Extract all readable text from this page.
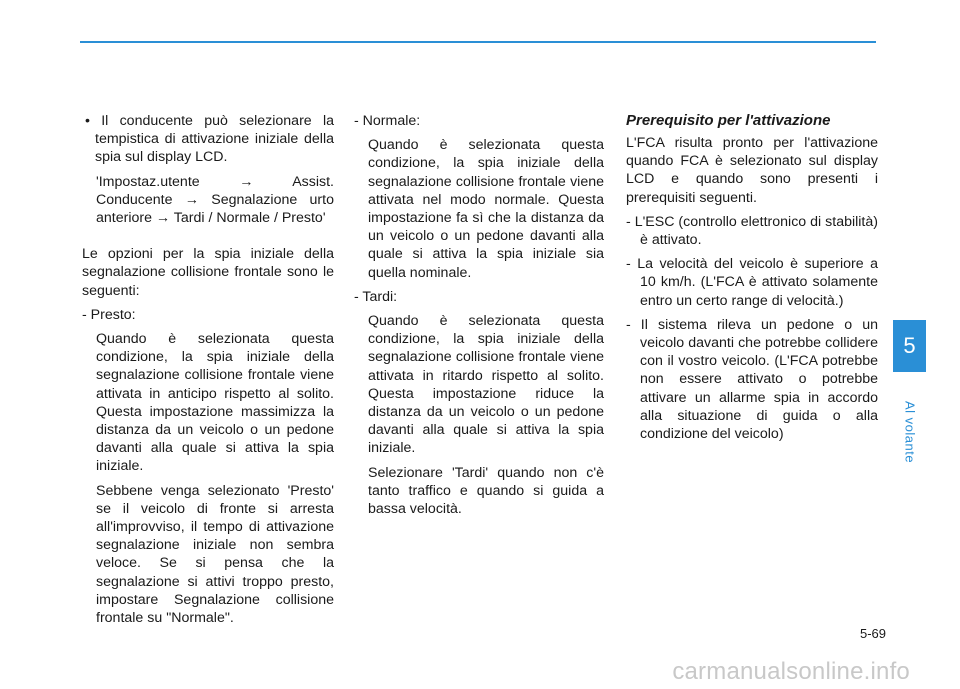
• Il conducente può selezionare la tempistica di attivazione iniziale della spia sul display LCD.

'Impostaz.utente → Assist. Conducente → Segnalazione urto anteriore → Tardi / Normale / Presto'

Le opzioni per la spia iniziale della segnalazione collisione frontale sono le seguenti:

- Presto:

Quando è selezionata questa condizione, la spia iniziale della segnalazione collisione frontale viene attivata in anticipo rispetto al solito. Questa impostazione massimizza la distanza da un veicolo o un pedone davanti alla quale si attiva la spia iniziale.

Sebbene venga selezionato 'Presto' se il veicolo di fronte si arresta all'improvviso, il tempo di attivazione segnalazione iniziale non sembra veloce. Se si pensa che la segnalazione si attivi troppo presto, impostare Segnalazione collisione frontale su "Normale".

- Normale:

Quando è selezionata questa condizione, la spia iniziale della segnalazione collisione frontale viene attivata nel modo normale. Questa impostazione fa sì che la distanza da un veicolo o un pedone davanti alla quale si attiva la spia iniziale sia quella nominale.

- Tardi:

Quando è selezionata questa condizione, la spia iniziale della segnalazione collisione frontale viene attivata in ritardo rispetto al solito. Questa impostazione riduce la distanza da un veicolo o un pedone davanti alla quale si attiva la spia iniziale.

Selezionare 'Tardi' quando non c'è tanto traffico e quando si guida a bassa velocità.

Prerequisito per l'attivazione

L'FCA risulta pronto per l'attivazione quando FCA è selezionato sul display LCD e quando sono presenti i prerequisiti seguenti.

- L'ESC (controllo elettronico di stabilità) è attivato.

- La velocità del veicolo è superiore a 10 km/h. (L'FCA è attivato solamente entro un certo range di velocità.)

- Il sistema rileva un pedone o un veicolo davanti che potrebbe collidere con il vostro veicolo. (L'FCA potrebbe non essere attivato o potrebbe attivare un allarme spia in accordo alla situazione di guida o alla condizione del veicolo)

5
Al volante
5-69
carmanualsonline.info
